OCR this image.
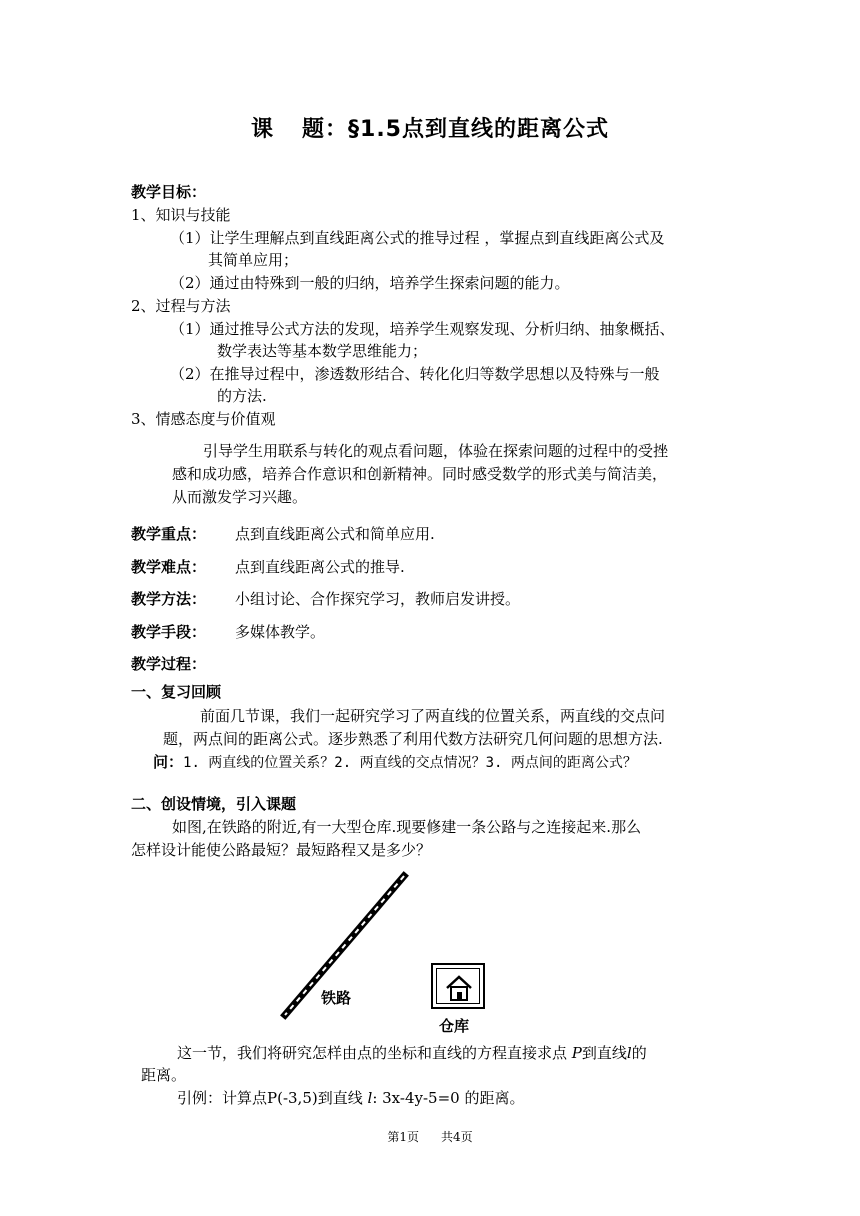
课 题：§1.5点到直线的距离公式
教学目标：
1、知识与技能
（1）让学生理解点到直线距离公式的推导过程 ，掌握点到直线距离公式及
其简单应用；
（2）通过由特殊到一般的归纳，培养学生探索问题的能力。
2、过程与方法
（1）通过推导公式方法的发现，培养学生观察发现、分析归纳、抽象概括、
数学表达等基本数学思维能力；
（2）在推导过程中，渗透数形结合、转化化归等数学思想以及特殊与一般
的方法.
3、情感态度与价值观
引导学生用联系与转化的观点看问题，体验在探索问题的过程中的受挫
感和成功感，培养合作意识和创新精神。同时感受数学的形式美与简洁美，
从而激发学习兴趣。
教学重点： 点到直线距离公式和简单应用.
教学难点： 点到直线距离公式的推导.
教学方法： 小组讨论、合作探究学习，教师启发讲授。
教学手段： 多媒体教学。
教学过程：
一、复习回顾
前面几节课，我们一起研究学习了两直线的位置关系，两直线的交点问
题，两点间的距离公式。逐步熟悉了利用代数方法研究几何问题的思想方法.
问：1. 两直线的位置关系？2. 两直线的交点情况？3. 两点间的距离公式？
二、创设情境，引入课题
如图,在铁路的附近,有一大型仓库.现要修建一条公路与之连接起来.那么
怎样设计能使公路最短？最短路程又是多少？
铁路
仓库
这一节，我们将研究怎样由点的坐标和直线的方程直接求点 P到直线l的
距离。
引例：计算点P(-3,5)到直线 l: 3x-4y-5=0 的距离。
第1页 共4页
